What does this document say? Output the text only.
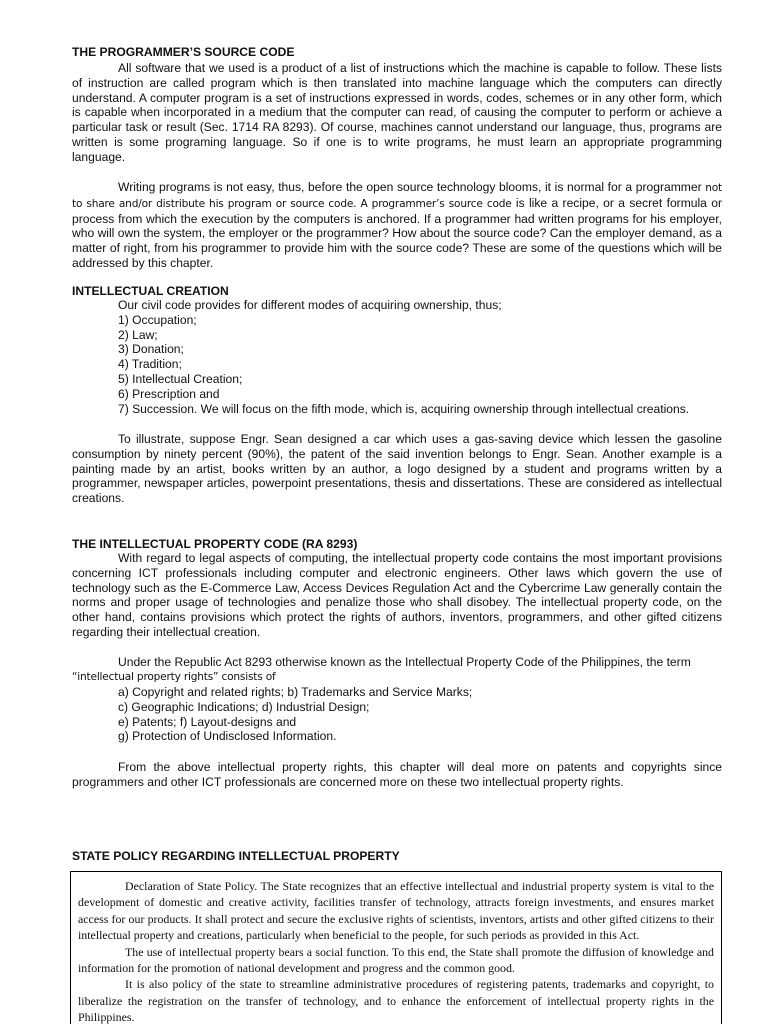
THE PROGRAMMER’S SOURCE CODE
All software that we used is a product of a list of instructions which the machine is capable to follow. These lists of instruction are called program which is then translated into machine language which the computers can directly understand. A computer program is a set of instructions expressed in words, codes, schemes or in any other form, which is capable when incorporated in a medium that the computer can read, of causing the computer to perform or achieve a particular task or result (Sec. 1714 RA 8293). Of course, machines cannot understand our language, thus, programs are written is some programing language. So if one is to write programs, he must learn an appropriate programming language.
Writing programs is not easy, thus, before the open source technology blooms, it is normal for a programmer not to share and/or distribute his program or source code. A programmer’s source code is like a recipe, or a secret formula or process from which the execution by the computers is anchored. If a programmer had written programs for his employer, who will own the system, the employer or the programmer? How about the source code? Can the employer demand, as a matter of right, from his programmer to provide him with the source code? These are some of the questions which will be addressed by this chapter.
INTELLECTUAL CREATION
Our civil code provides for different modes of acquiring ownership, thus;
1) Occupation;
2) Law;
3) Donation;
4) Tradition;
5) Intellectual Creation;
6) Prescription and
7) Succession. We will focus on the fifth mode, which is, acquiring ownership through intellectual creations.
To illustrate, suppose Engr. Sean designed a car which uses a gas-saving device which lessen the gasoline consumption by ninety percent (90%), the patent of the said invention belongs to Engr. Sean. Another example is a painting made by an artist, books written by an author, a logo designed by a student and programs written by a programmer, newspaper articles, powerpoint presentations, thesis and dissertations. These are considered as intellectual creations.
THE INTELLECTUAL PROPERTY CODE (RA 8293)
With regard to legal aspects of computing, the intellectual property code contains the most important provisions concerning ICT professionals including computer and electronic engineers. Other laws which govern the use of technology such as the E-Commerce Law, Access Devices Regulation Act and the Cybercrime Law generally contain the norms and proper usage of technologies and penalize those who shall disobey. The intellectual property code, on the other hand, contains provisions which protect the rights of authors, inventors, programmers, and other gifted citizens regarding their intellectual creation.
Under the Republic Act 8293 otherwise known as the Intellectual Property Code of the Philippines, the term
“intellectual property rights” consists of
a) Copyright and related rights; b) Trademarks and Service Marks;
c) Geographic Indications; d) Industrial Design;
e) Patents; f) Layout-designs and
g) Protection of Undisclosed Information.
From the above intellectual property rights, this chapter will deal more on patents and copyrights since programmers and other ICT professionals are concerned more on these two intellectual property rights.
STATE POLICY REGARDING INTELLECTUAL PROPERTY

Declaration of State Policy. The State recognizes that an effective intellectual and industrial property system is vital to the development of domestic and creative activity, facilities transfer of technology, attracts foreign investments, and ensures market access for our products. It shall protect and secure the exclusive rights of scientists, inventors, artists and other gifted citizens to their intellectual property and creations, particularly when beneficial to the people, for such periods as provided in this Act.

The use of intellectual property bears a social function. To this end, the State shall promote the diffusion of knowledge and information for the promotion of national development and progress and the common good.

It is also policy of the state to streamline administrative procedures of registering patents, trademarks and copyright, to liberalize the registration on the transfer of technology, and to enhance the enforcement of intellectual property rights in the Philippines.
